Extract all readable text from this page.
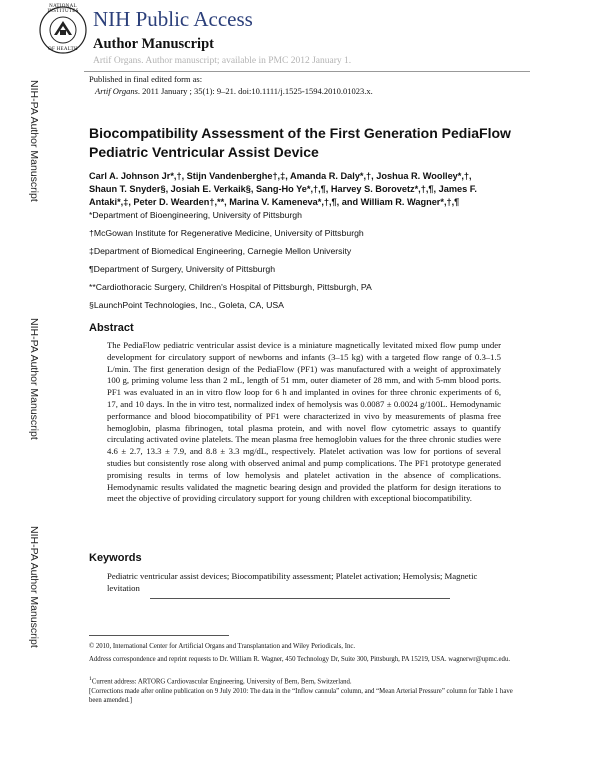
NIH-PA Author Manuscript
NIH-PA Author Manuscript
NIH-PA Author Manuscript
NATIONAL INSTITUTES
OF HEALTH
NIH Public Access
Author Manuscript
Artif Organs. Author manuscript; available in PMC 2012 January 1.
Published in final edited form as:
Artif Organs. 2011 January ; 35(1): 9–21. doi:10.1111/j.1525-1594.2010.01023.x.
Biocompatibility Assessment of the First Generation PediaFlow Pediatric Ventricular Assist Device
Carl A. Johnson Jr*,†, Stijn Vandenberghe†,‡, Amanda R. Daly*,†, Joshua R. Woolley*,†,
Shaun T. Snyder§, Josiah E. Verkaik§, Sang-Ho Ye*,†,¶, Harvey S. Borovetz*,†,¶, James F.
Antaki*,‡, Peter D. Wearden†,**, Marina V. Kameneva*,†,¶, and William R. Wagner*,†,¶
*Department of Bioengineering, University of Pittsburgh
†McGowan Institute for Regenerative Medicine, University of Pittsburgh
‡Department of Biomedical Engineering, Carnegie Mellon University
¶Department of Surgery, University of Pittsburgh
**Cardiothoracic Surgery, Children's Hospital of Pittsburgh, Pittsburgh, PA
§LaunchPoint Technologies, Inc., Goleta, CA, USA
Abstract
The PediaFlow pediatric ventricular assist device is a miniature magnetically levitated mixed flow pump under development for circulatory support of newborns and infants (3–15 kg) with a targeted flow range of 0.3–1.5 L/min. The first generation design of the PediaFlow (PF1) was manufactured with a weight of approximately 100 g, priming volume less than 2 mL, length of 51 mm, outer diameter of 28 mm, and with 5-mm blood ports. PF1 was evaluated in an in vitro flow loop for 6 h and implanted in ovines for three chronic experiments of 6, 17, and 10 days. In the in vitro test, normalized index of hemolysis was 0.0087 ± 0.0024 g/100L. Hemodynamic performance and blood biocompatibility of PF1 were characterized in vivo by measurements of plasma free hemoglobin, plasma fibrinogen, total plasma protein, and with novel flow cytometric assays to quantify circulating activated ovine platelets. The mean plasma free hemoglobin values for the three chronic studies were 4.6 ± 2.7, 13.3 ± 7.9, and 8.8 ± 3.3 mg/dL, respectively. Platelet activation was low for portions of several studies but consistently rose along with observed animal and pump complications. The PF1 prototype generated promising results in terms of low hemolysis and platelet activation in the absence of complications. Hemodynamic results validated the magnetic bearing design and provided the platform for design iterations to meet the objective of providing circulatory support for young children with exceptional biocompatibility.
Keywords
Pediatric ventricular assist devices; Biocompatibility assessment; Platelet activation; Hemolysis; Magnetic levitation
© 2010, International Center for Artificial Organs and Transplantation and Wiley Periodicals, Inc.
Address correspondence and reprint requests to Dr. William R. Wagner, 450 Technology Dr, Suite 300, Pittsburgh, PA 15219, USA. wagnerwr@upmc.edu.
$^1$Current address: ARTORG Cardiovascular Engineering, University of Bern, Bern, Switzerland.
[Corrections made after online publication on 9 July 2010: The data in the “Inflow cannula” column, and “Mean Arterial Pressure” column for Table 1 have been amended.]
